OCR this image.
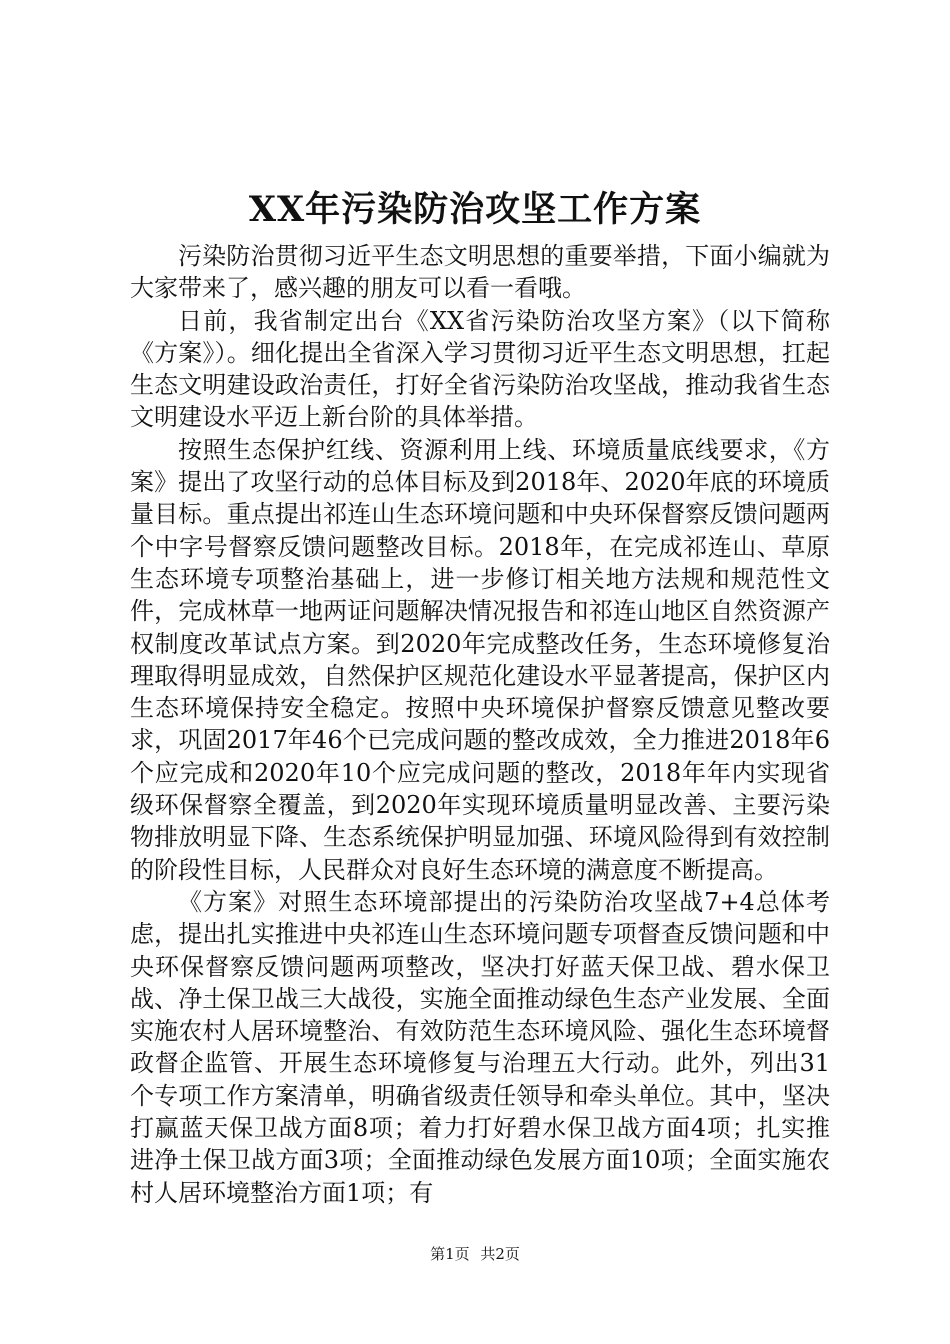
XX年污染防治攻坚工作方案

污染防治贯彻习近平生态文明思想的重要举措，下面小编就为大家带来了，感兴趣的朋友可以看一看哦。

日前，我省制定出台《XX省污染防治攻坚方案》（以下简称《方案》）。细化提出全省深入学习贯彻习近平生态文明思想，扛起生态文明建设政治责任，打好全省污染防治攻坚战，推动我省生态文明建设水平迈上新台阶的具体举措。

按照生态保护红线、资源利用上线、环境质量底线要求，《方案》提出了攻坚行动的总体目标及到2018年、2020年底的环境质量目标。重点提出祁连山生态环境问题和中央环保督察反馈问题两个中字号督察反馈问题整改目标。2018年，在完成祁连山、草原生态环境专项整治基础上，进一步修订相关地方法规和规范性文件，完成林草一地两证问题解决情况报告和祁连山地区自然资源产权制度改革试点方案。到2020年完成整改任务，生态环境修复治理取得明显成效，自然保护区规范化建设水平显著提高，保护区内生态环境保持安全稳定。按照中央环境保护督察反馈意见整改要求，巩固2017年46个已完成问题的整改成效，全力推进2018年6个应完成和2020年10个应完成问题的整改，2018年年内实现省级环保督察全覆盖，到2020年实现环境质量明显改善、主要污染物排放明显下降、生态系统保护明显加强、环境风险得到有效控制的阶段性目标，人民群众对良好生态环境的满意度不断提高。

《方案》对照生态环境部提出的污染防治攻坚战7+4总体考虑，提出扎实推进中央祁连山生态环境问题专项督查反馈问题和中央环保督察反馈问题两项整改，坚决打好蓝天保卫战、碧水保卫战、净土保卫战三大战役，实施全面推动绿色生态产业发展、全面实施农村人居环境整治、有效防范生态环境风险、强化生态环境督政督企监管、开展生态环境修复与治理五大行动。此外，列出31个专项工作方案清单，明确省级责任领导和牵头单位。其中，坚决打赢蓝天保卫战方面8项；着力打好碧水保卫战方面4项；扎实推进净土保卫战方面3项；全面推动绿色发展方面10项；全面实施农村人居环境整治方面1项；有

第1页 共2页
